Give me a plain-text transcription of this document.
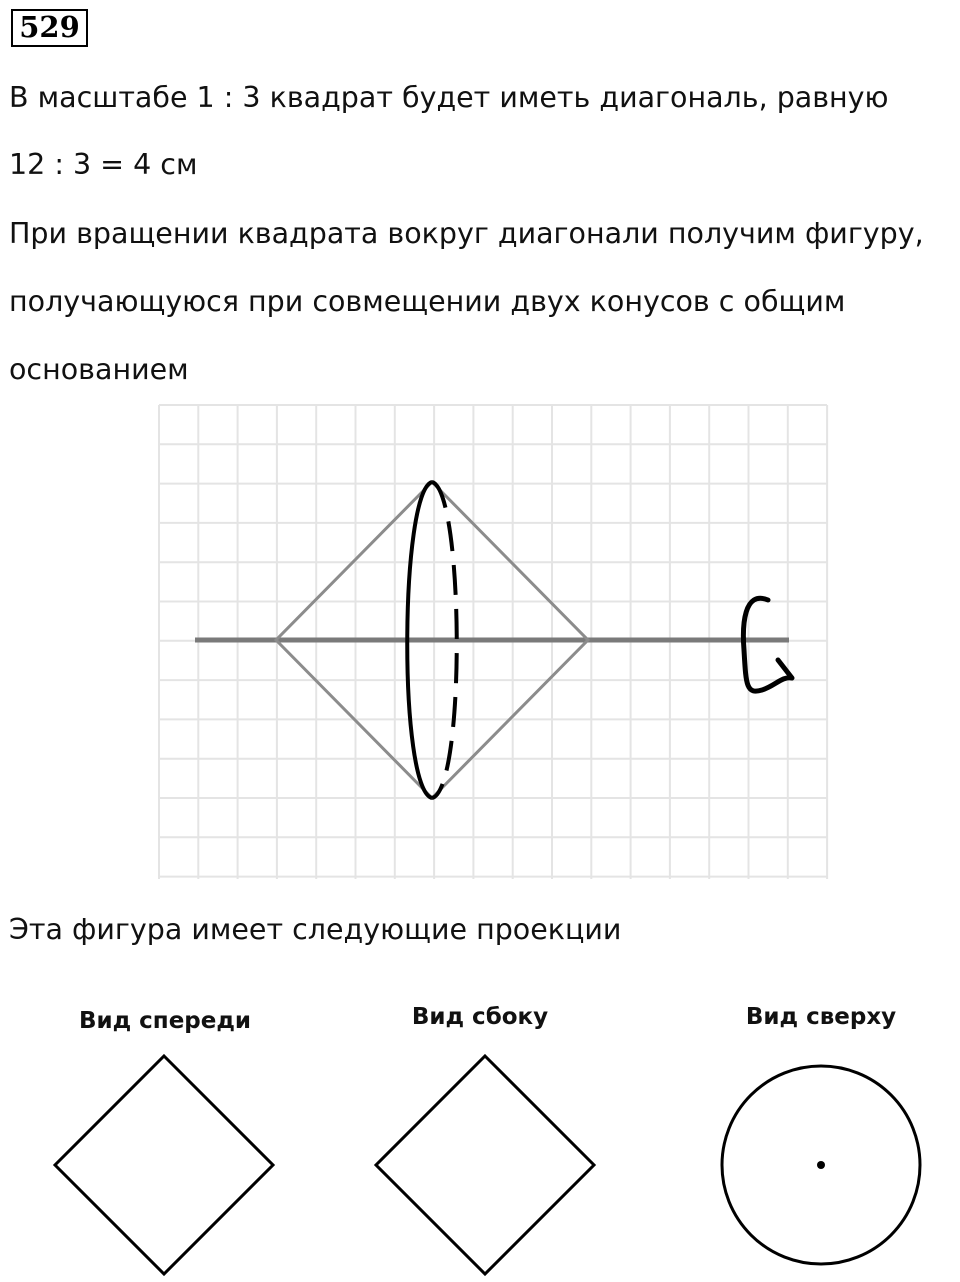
529
В масштабе 1 : 3 квадрат будет иметь диагональ, равную
12 : 3 = 4 см
При вращении квадрата вокруг диагонали получим фигуру,
получающуюся при совмещении двух конусов с общим
основанием
Эта фигура имеет следующие проекции
Вид спереди	Вид сбоку	Вид сверху
